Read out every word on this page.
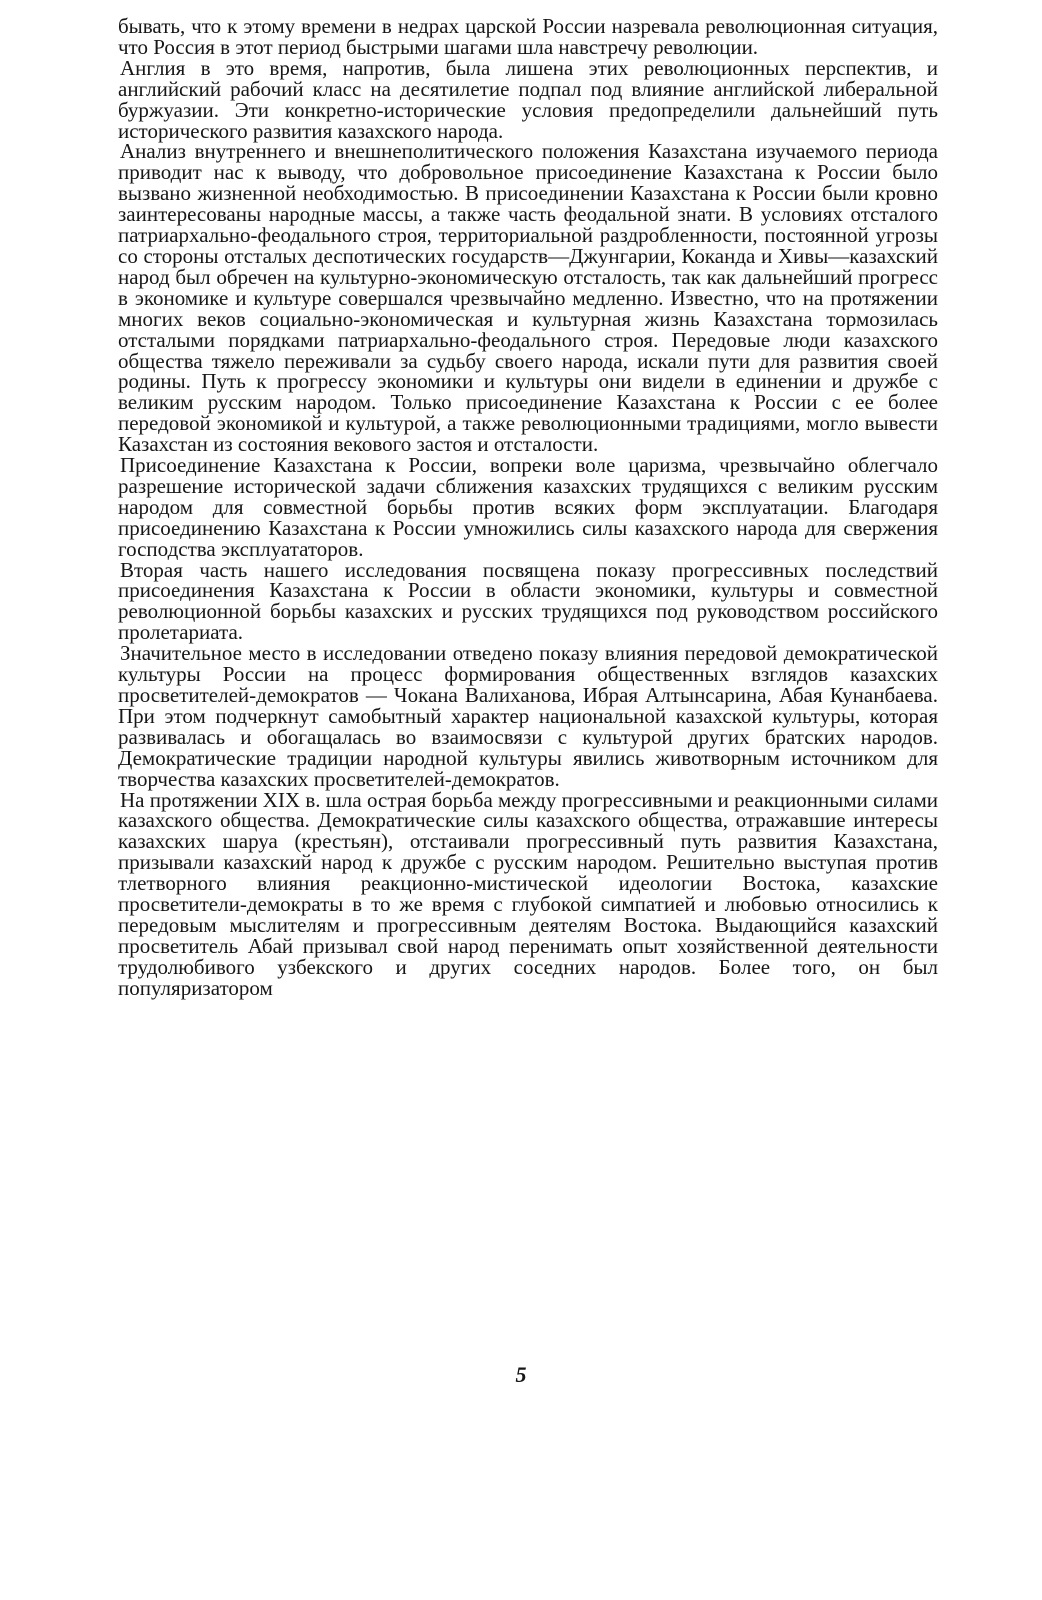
бывать, что к этому времени в недрах царской России назревала революционная ситуация, что Россия в этот период быстрыми шагами шла навстречу революции.

Англия в это время, напротив, была лишена этих революционных перспектив, и английский рабочий класс на десятилетие подпал под влияние английской либеральной буржуазии. Эти конкретно-исторические условия предопределили дальнейший путь исторического развития казахского народа.

Анализ внутреннего и внешнеполитического положения Казахстана изучаемого периода приводит нас к выводу, что добровольное присоединение Казахстана к России было вызвано жизненной необходимостью. В присоединении Казахстана к России были кровно заинтересованы народные массы, а также часть феодальной знати. В условиях отсталого патриархально-феодального строя, территориальной раздробленности, постоянной угрозы со стороны отсталых деспотических государств—Джунгарии, Коканда и Хивы—казахский народ был обречен на культурно-экономическую отсталость, так как дальнейший прогресс в экономике и культуре совершался чрезвычайно медленно. Известно, что на протяжении многих веков социально-экономическая и культурная жизнь Казахстана тормозилась отсталыми порядками патриархально-феодального строя. Передовые люди казахского общества тяжело переживали за судьбу своего народа, искали пути для развития своей родины. Путь к прогрессу экономики и культуры они видели в единении и дружбе с великим русским народом. Только присоединение Казахстана к России с ее более передовой экономикой и культурой, а также революционными традициями, могло вывести Казахстан из состояния векового застоя и отсталости.

Присоединение Казахстана к России, вопреки воле царизма, чрезвычайно облегчало разрешение исторической задачи сближения казахских трудящихся с великим русским народом для совместной борьбы против всяких форм эксплуатации. Благодаря присоединению Казахстана к России умножились силы казахского народа для свержения господства эксплуататоров.

Вторая часть нашего исследования посвящена показу прогрессивных последствий присоединения Казахстана к России в области экономики, культуры и совместной революционной борьбы казахских и русских трудящихся под руководством российского пролетариата.

Значительное место в исследовании отведено показу влияния передовой демократической культуры России на процесс формирования общественных взглядов казахских просветителей-демократов — Чокана Валиханова, Ибрая Алтынсарина, Абая Кунанбаева. При этом подчеркнут самобытный характер национальной казахской культуры, которая развивалась и обогащалась во взаимосвязи с культурой других братских народов. Демократические традиции народной культуры явились животворным источником для творчества казахских просветителей-демократов.

На протяжении XIX в. шла острая борьба между прогрессивными и реакционными силами казахского общества. Демократические силы казахского общества, отражавшие интересы казахских шаруа (крестьян), отстаивали прогрессивный путь развития Казахстана, призывали казахский народ к дружбе с русским народом. Решительно выступая против тлетворного влияния реакционно-мистической идеологии Востока, казахские просветители-демократы в то же время с глубокой симпатией и любовью относились к передовым мыслителям и прогрессивным деятелям Востока. Выдающийся казахский просветитель Абай призывал свой народ перенимать опыт хозяйственной деятельности трудолюбивого узбекского и других соседних народов. Более того, он был популяризатором

5
